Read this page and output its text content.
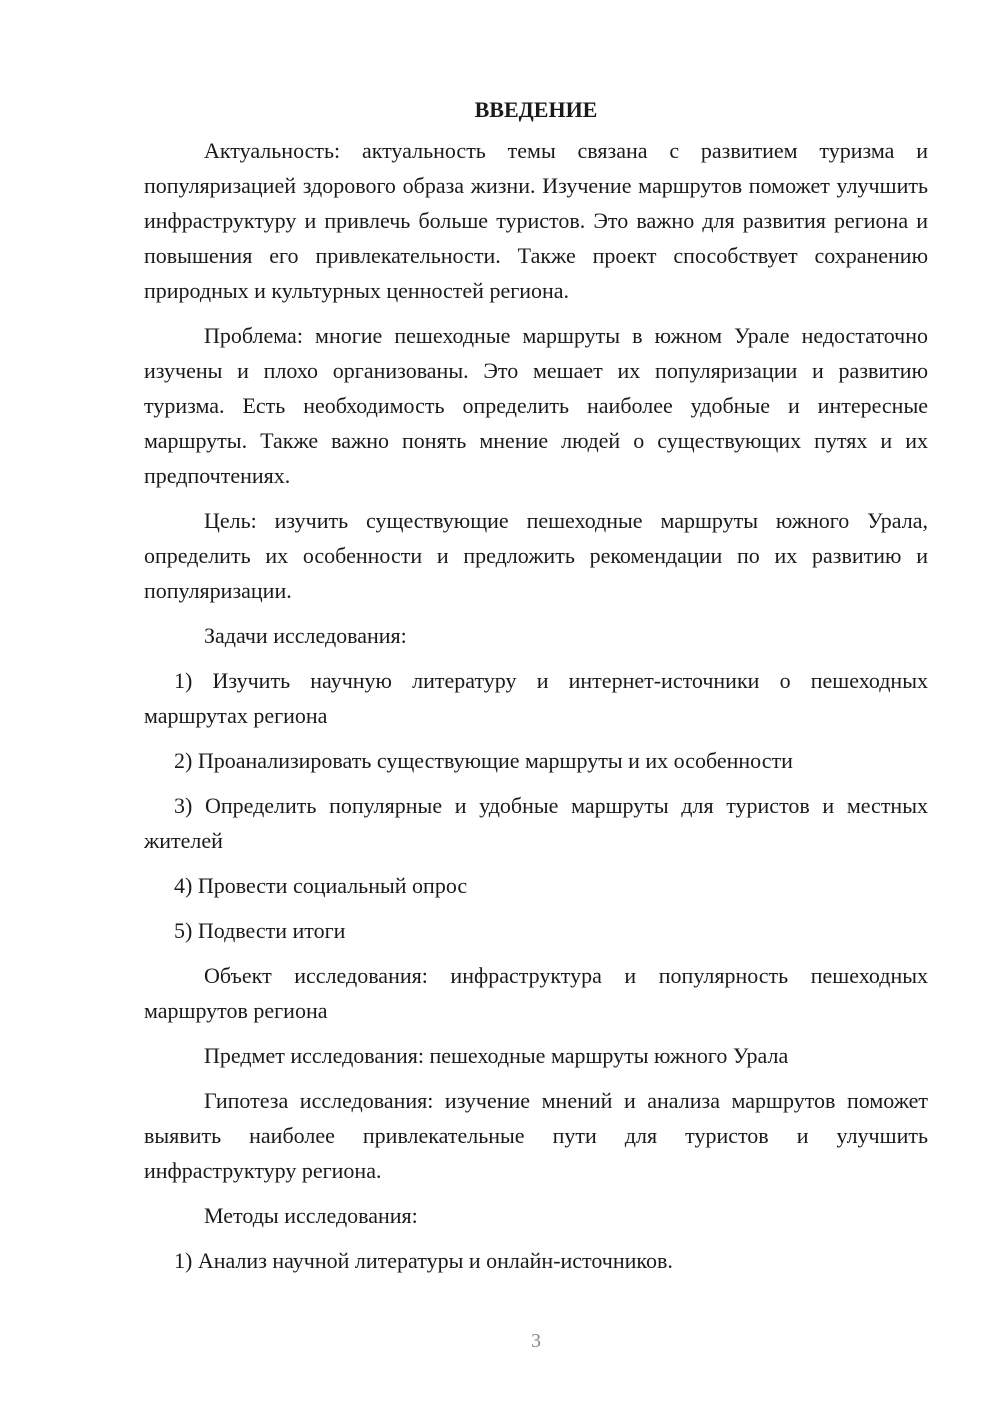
ВВЕДЕНИЕ

Актуальность: актуальность темы связана с развитием туризма и популяризацией здорового образа жизни. Изучение маршрутов поможет улучшить инфраструктуру и привлечь больше туристов. Это важно для развития региона и повышения его привлекательности. Также проект способствует сохранению природных и культурных ценностей региона.

Проблема: многие пешеходные маршруты в южном Урале недостаточно изучены и плохо организованы. Это мешает их популяризации и развитию туризма. Есть необходимость определить наиболее удобные и интересные маршруты. Также важно понять мнение людей о существующих путях и их предпочтениях.

Цель: изучить существующие пешеходные маршруты южного Урала, определить их особенности и предложить рекомендации по их развитию и популяризации.

Задачи исследования:

1) Изучить научную литературу и интернет-источники о пешеходных маршрутах региона

2) Проанализировать существующие маршруты и их особенности

3) Определить популярные и удобные маршруты для туристов и местных жителей

4) Провести социальный опрос

5) Подвести итоги

Объект исследования: инфраструктура и популярность пешеходных маршрутов региона

Предмет исследования: пешеходные маршруты южного Урала

Гипотеза исследования: изучение мнений и анализа маршрутов поможет выявить наиболее привлекательные пути для туристов и улучшить инфраструктуру региона.

Методы исследования:

1) Анализ научной литературы и онлайн-источников.

3
